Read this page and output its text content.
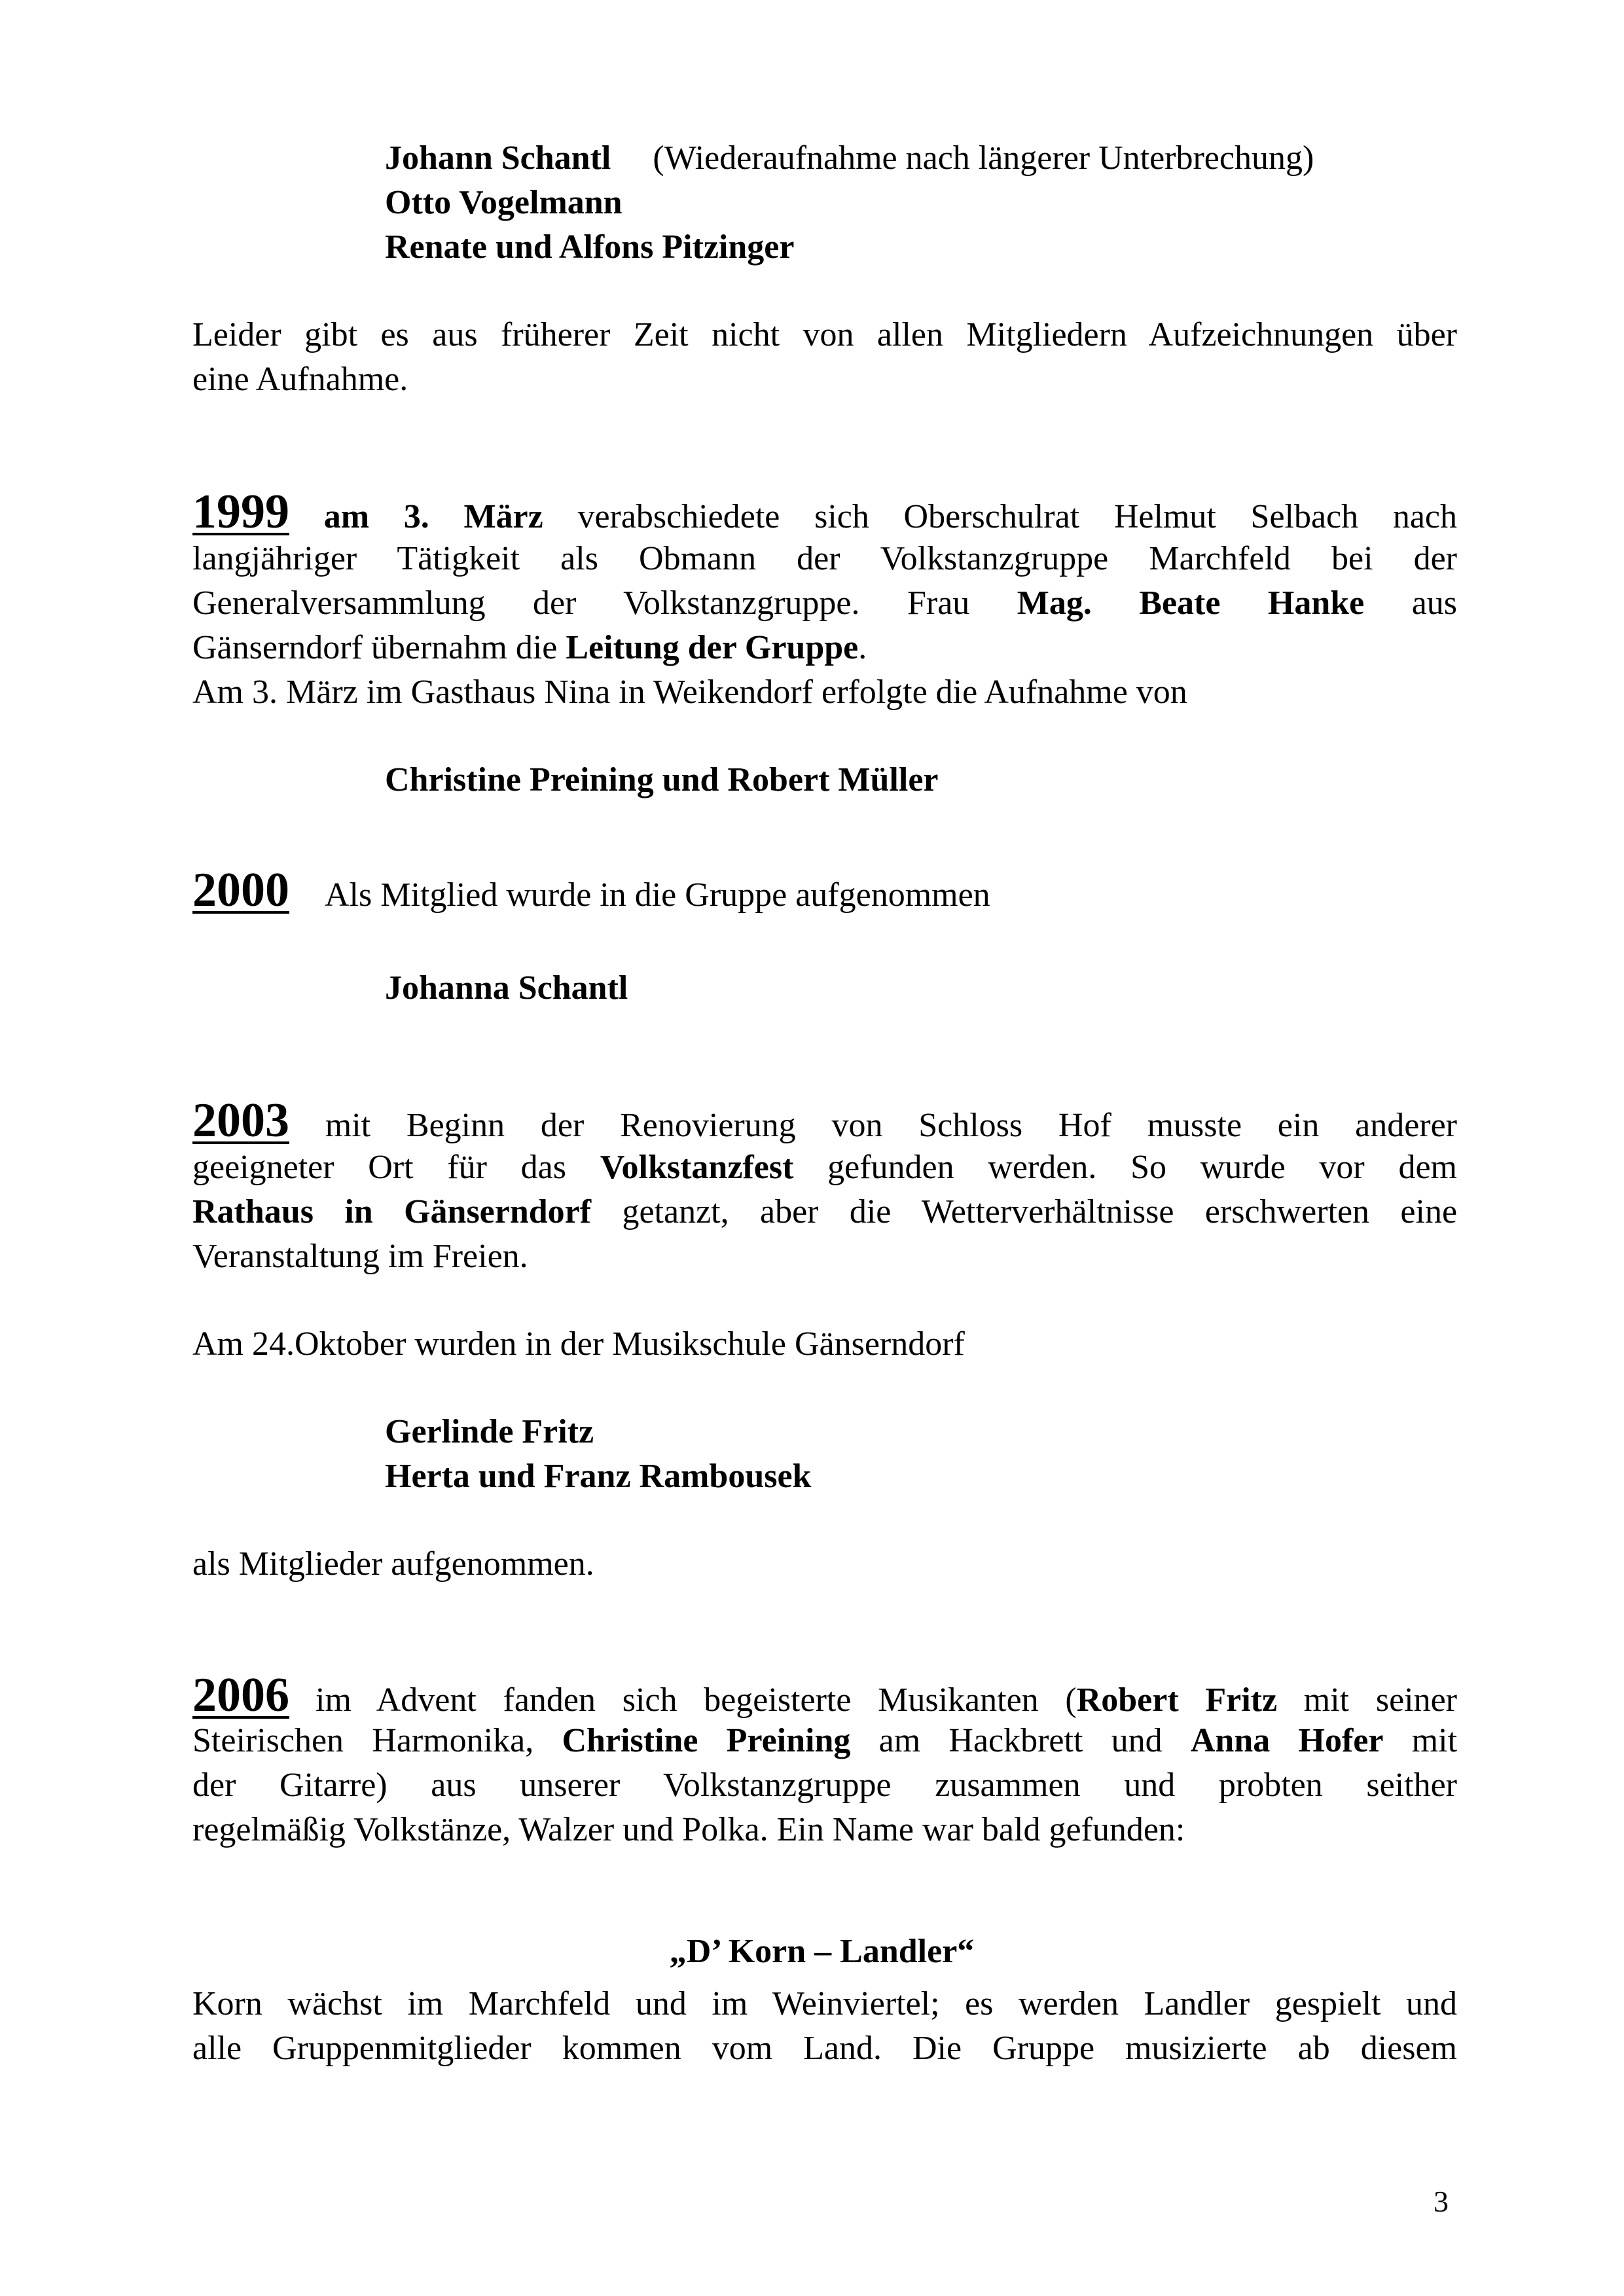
Johann Schantl (Wiederaufnahme nach längerer Unterbrechung)

Otto Vogelmann

Renate und Alfons Pitzinger

Leider gibt es aus früherer Zeit nicht von allen Mitgliedern Aufzeichnungen über

eine Aufnahme.

1999 am 3. März verabschiedete sich Oberschulrat Helmut Selbach nach

langjähriger Tätigkeit als Obmann der Volkstanzgruppe Marchfeld bei der

Generalversammlung der Volkstanzgruppe. Frau Mag. Beate Hanke aus

Gänserndorf übernahm die Leitung der Gruppe.

Am 3. März im Gasthaus Nina in Weikendorf erfolgte die Aufnahme von

Christine Preining und Robert Müller

2000 Als Mitglied wurde in die Gruppe aufgenommen

Johanna Schantl

2003 mit Beginn der Renovierung von Schloss Hof musste ein anderer

geeigneter Ort für das Volkstanzfest gefunden werden. So wurde vor dem

Rathaus in Gänserndorf getanzt, aber die Wetterverhältnisse erschwerten eine

Veranstaltung im Freien.

Am 24.Oktober wurden in der Musikschule Gänserndorf

Gerlinde Fritz

Herta und Franz Rambousek

als Mitglieder aufgenommen.

2006 im Advent fanden sich begeisterte Musikanten (Robert Fritz mit seiner

Steirischen Harmonika, Christine Preining am Hackbrett und Anna Hofer mit

der Gitarre) aus unserer Volkstanzgruppe zusammen und probten seither

regelmäßig Volkstänze, Walzer und Polka. Ein Name war bald gefunden:

„D’ Korn – Landler“

Korn wächst im Marchfeld und im Weinviertel; es werden Landler gespielt und

alle Gruppenmitglieder kommen vom Land. Die Gruppe musizierte ab diesem

3
